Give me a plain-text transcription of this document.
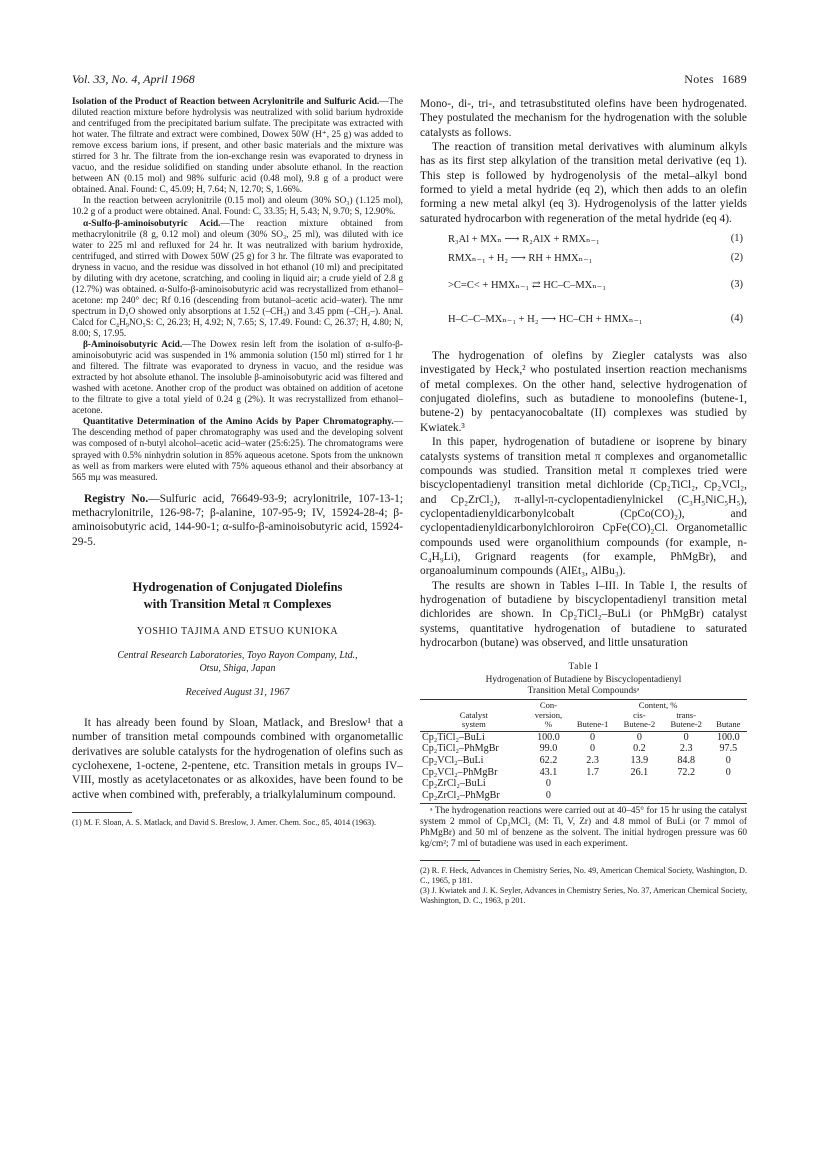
Vol. 33, No. 4, April 1968	Notes 1689

Isolation of the Product of Reaction between Acrylonitrile and Sulfuric Acid.—The diluted reaction mixture before hydrolysis was neutralized with solid barium hydroxide and centrifuged from the precipitated barium sulfate. The precipitate was extracted with hot water. The filtrate and extract were combined, Dowex 50W (H⁺, 25 g) was added to remove excess barium ions, if present, and other basic materials and the mixture was stirred for 3 hr. The filtrate from the ion-exchange resin was evaporated to dryness in vacuo, and the residue solidified on standing under absolute ethanol. In the reaction between AN (0.15 mol) and 98% sulfuric acid (0.48 mol), 9.8 g of a product were obtained. Anal. Found: C, 45.09; H, 7.64; N, 12.70; S, 1.66%.

In the reaction between acrylonitrile (0.15 mol) and oleum (30% SO₃) (1.125 mol), 10.2 g of a product were obtained. Anal. Found: C, 33.35; H, 5.43; N, 9.70; S, 12.90%.

α-Sulfo-β-aminoisobutyric Acid.—The reaction mixture obtained from methacrylonitrile (8 g, 0.12 mol) and oleum (30% SO₃, 25 ml), was diluted with ice water to 225 ml and refluxed for 24 hr. It was neutralized with barium hydroxide, centrifuged, and stirred with Dowex 50W (25 g) for 3 hr. The filtrate was evaporated to dryness in vacuo, and the residue was dissolved in hot ethanol (10 ml) and precipitated by diluting with dry acetone, scratching, and cooling in liquid air; a crude yield of 2.8 g (12.7%) was obtained. α-Sulfo-β-aminoisobutyric acid was recrystallized from ethanol–acetone: mp 240° dec; Rf 0.16 (descending from butanol–acetic acid–water). The nmr spectrum in D₂O showed only absorptions at 1.52 (–CH₃) and 3.45 ppm (–CH₂–). Anal. Calcd for C₄H₉NO₅S: C, 26.23; H, 4.92; N, 7.65; S, 17.49. Found: C, 26.37; H, 4.80; N, 8.00; S, 17.95.

β-Aminoisobutyric Acid.—The Dowex resin left from the isolation of α-sulfo-β-aminoisobutyric acid was suspended in 1% ammonia solution (150 ml) stirred for 1 hr and filtered. The filtrate was evaporated to dryness in vacuo, and the residue was extracted by hot absolute ethanol. The insoluble β-aminoisobutyric acid was filtered and washed with acetone. Another crop of the product was obtained on addition of acetone to the filtrate to give a total yield of 0.24 g (2%). It was recrystallized from ethanol–acetone.

Quantitative Determination of the Amino Acids by Paper Chromatography.—The descending method of paper chromatography was used and the developing solvent was composed of n-butyl alcohol–acetic acid–water (25:6:25). The chromatograms were sprayed with 0.5% ninhydrin solution in 85% aqueous acetone. Spots from the unknown as well as from markers were eluted with 75% aqueous ethanol and their absorbancy at 565 mμ was measured.

Registry No.—Sulfuric acid, 76649-93-9; acrylonitrile, 107-13-1; methacrylonitrile, 126-98-7; β-alanine, 107-95-9; IV, 15924-28-4; β-aminoisobutyric acid, 144-90-1; α-sulfo-β-aminoisobutyric acid, 15924-29-5.

Hydrogenation of Conjugated Diolefins
with Transition Metal π Complexes
YOSHIO TAJIMA AND ETSUO KUNIOKA
Central Research Laboratories, Toyo Rayon Company, Ltd.,
Otsu, Shiga, Japan
Received August 31, 1967

It has already been found by Sloan, Matlack, and Breslow¹ that a number of transition metal compounds combined with organometallic derivatives are soluble catalysts for the hydrogenation of olefins such as cyclohexene, 1-octene, 2-pentene, etc. Transition metals in groups IV–VIII, mostly as acetylacetonates or as alkoxides, have been found to be active when combined with, preferably, a trialkylaluminum compound.

(1) M. F. Sloan, A. S. Matlack, and David S. Breslow, J. Amer. Chem. Soc., 85, 4014 (1963).

Mono-, di-, tri-, and tetrasubstituted olefins have been hydrogenated. They postulated the mechanism for the hydrogenation with the soluble catalysts as follows.

The reaction of transition metal derivatives with aluminum alkyls has as its first step alkylation of the transition metal derivative (eq 1). This step is followed by hydrogenolysis of the metal–alkyl bond formed to yield a metal hydride (eq 2), which then adds to an olefin forming a new metal alkyl (eq 3). Hydrogenolysis of the latter yields saturated hydrocarbon with regeneration of the metal hydride (eq 4).

R₃Al + MXₙ ⟶ R₂AlX + RMXₙ₋₁	(1)
RMXₙ₋₁ + H₂ ⟶ RH + HMXₙ₋₁	(2)
>C=C< + HMXₙ₋₁ ⇄ HC–C–MXₙ₋₁	(3)
H–C–C–MXₙ₋₁ + H₂ ⟶ HC–CH + HMXₙ₋₁	(4)

The hydrogenation of olefins by Ziegler catalysts was also investigated by Heck,² who postulated insertion reaction mechanisms of metal complexes. On the other hand, selective hydrogenation of conjugated diolefins, such as butadiene to monoolefins (butene-1, butene-2) by pentacyanocobaltate (II) complexes was studied by Kwiatek.³

In this paper, hydrogenation of butadiene or isoprene by binary catalysts systems of transition metal π complexes and organometallic compounds was studied. Transition metal π complexes tried were biscyclopentadienyl transition metal dichloride (Cp₂TiCl₂, Cp₂VCl₂, and Cp₂ZrCl₂), π-allyl-π-cyclopentadienylnickel (C₃H₅NiC₅H₅), cyclopentadienyldicarbonylcobalt (CpCo(CO)₂), and cyclopentadienyldicarbonylchloroiron CpFe(CO)₂Cl. Organometallic compounds used were organolithium compounds (for example, n-C₄H₉Li), Grignard reagents (for example, PhMgBr), and organoaluminum compounds (AlEt₃, AlBu₃).

The results are shown in Tables I–III. In Table I, the results of hydrogenation of butadiene by biscyclopentadienyl transition metal dichlorides are shown. In Cp₂TiCl₂–BuLi (or PhMgBr) catalyst systems, quantitative hydrogenation of butadiene to saturated hydrocarbon (butane) was observed, and little unsaturation

Table I
Hydrogenation of Butadiene by Biscyclopentadienyl
Transition Metal Compoundsᵃ
	Con-	Content, %			
Catalyst	version,		cis-	trans-	
system	%	Butene-1	Butene-2	Butene-2	Butane
Cp₂TiCl₂–BuLi	100.0	0	0	0	100.0
Cp₂TiCl₂–PhMgBr	99.0	0	0.2	2.3	97.5
Cp₂VCl₂–BuLi	62.2	2.3	13.9	84.8	0
Cp₂VCl₂–PhMgBr	43.1	1.7	26.1	72.2	0
Cp₂ZrCl₂–BuLi	0				
Cp₂ZrCl₂–PhMgBr	0				

ᵃ The hydrogenation reactions were carried out at 40–45° for 15 hr using the catalyst system 2 mmol of Cp₂MCl₂ (M: Ti, V, Zr) and 4.8 mmol of BuLi (or 7 mmol of PhMgBr) and 50 ml of benzene as the solvent. The initial hydrogen pressure was 60 kg/cm²; 7 ml of butadiene was used in each experiment.

(2) R. F. Heck, Advances in Chemistry Series, No. 49, American Chemical Society, Washington, D. C., 1965, p 181.

(3) J. Kwiatek and J. K. Seyler, Advances in Chemistry Series, No. 37, American Chemical Society, Washington, D. C., 1963, p 201.
